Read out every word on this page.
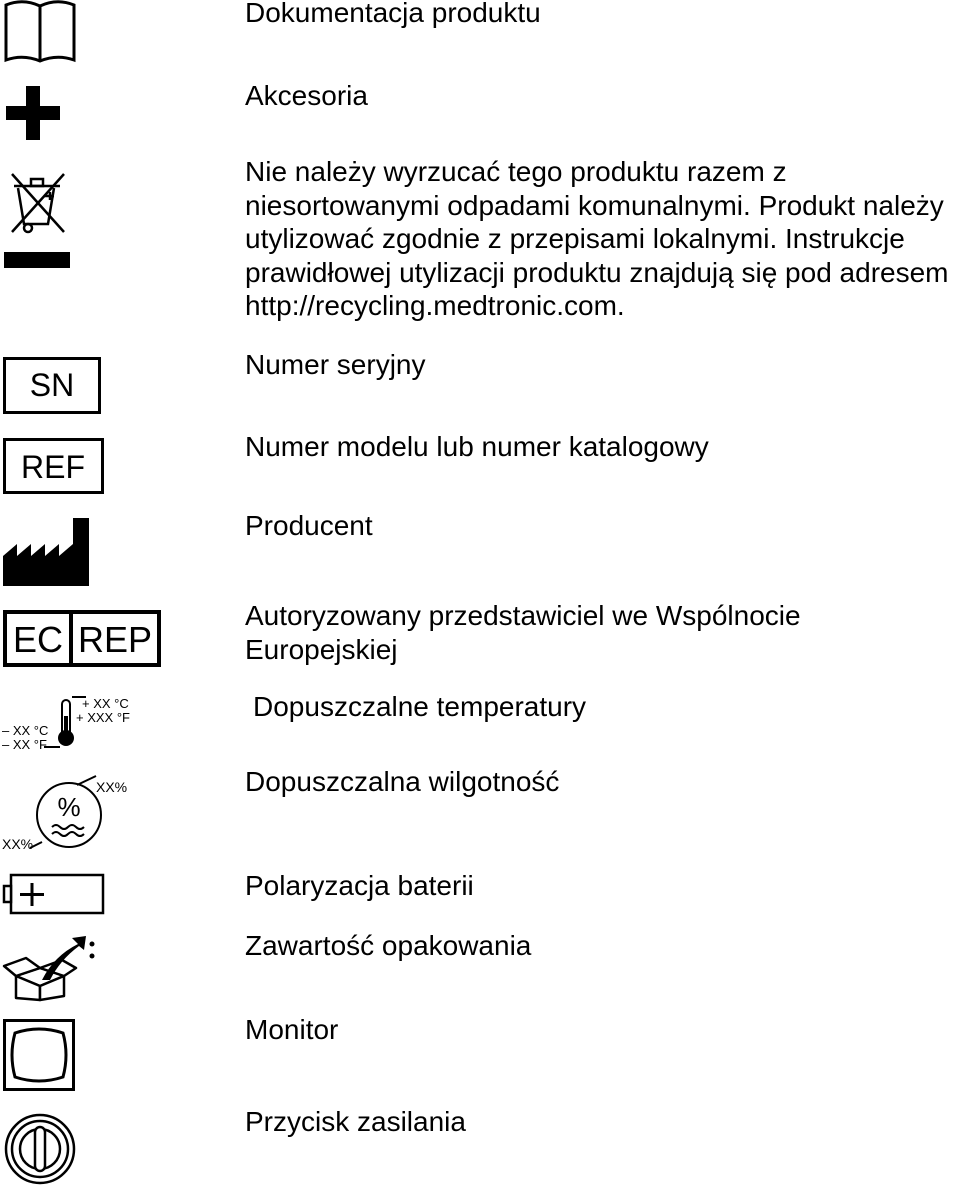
Dokumentacja produktu

Akcesoria

Nie należy wyrzucać tego produktu razem z niesortowanymi odpadami komunalnymi. Produkt należy utylizować zgodnie z przepisami lokalnymi. Instrukcje prawidłowej utylizacji produktu znajdują się pod adresem http://recycling.medtronic.com.

SN

Numer seryjny

REF

Numer modelu lub numer katalogowy

Producent

EC REP

Autoryzowany przedstawiciel we Wspólnocie Europejskiej

+ XX °C
+ XXX °F
– XX °C
– XX °F

Dopuszczalne temperatury

%
XX%
XX%

Dopuszczalna wilgotność

Polaryzacja baterii

Zawartość opakowania

Monitor

Przycisk zasilania
